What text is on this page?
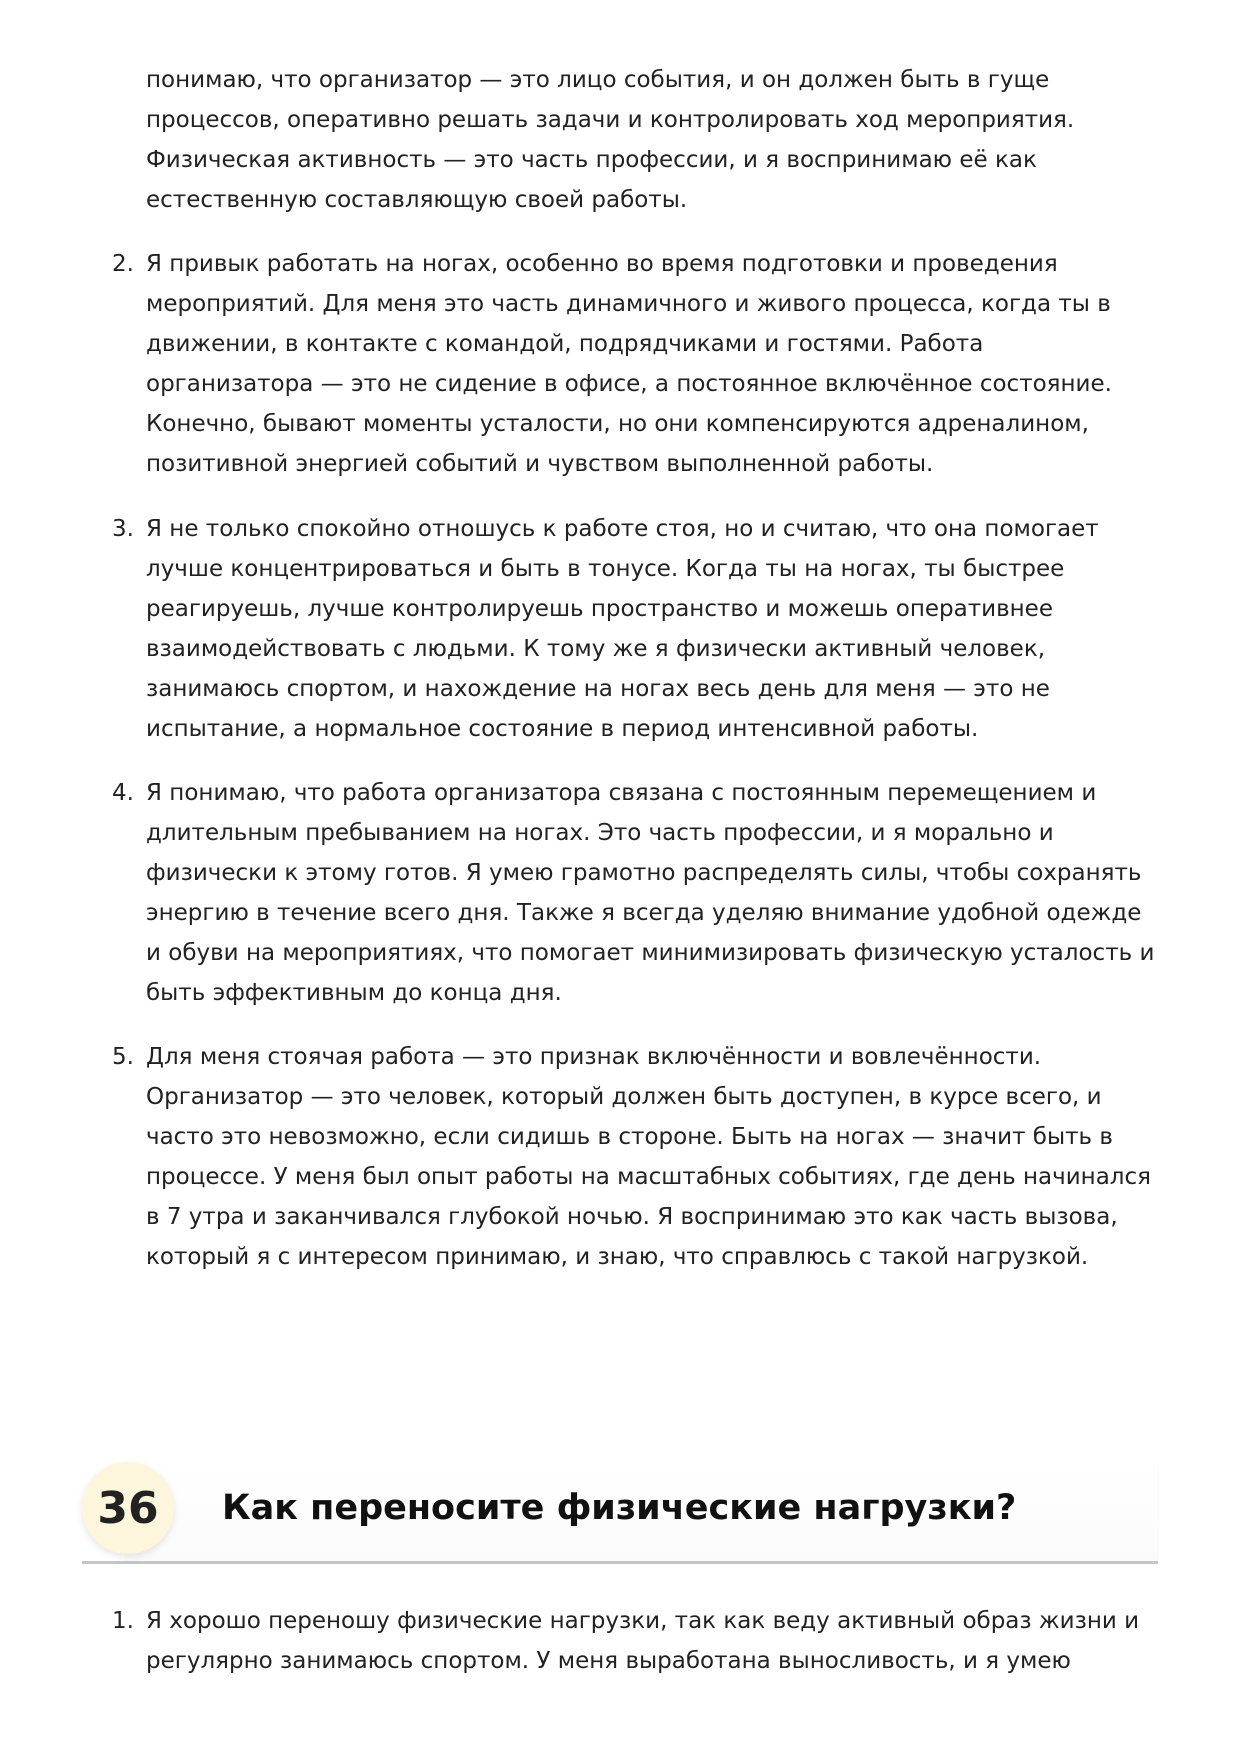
понимаю, что организатор — это лицо события, и он должен быть в гуще процессов, оперативно решать задачи и контролировать ход мероприятия. Физическая активность — это часть профессии, и я воспринимаю её как естественную составляющую своей работы.

2. Я привык работать на ногах, особенно во время подготовки и проведения мероприятий. Для меня это часть динамичного и живого процесса, когда ты в движении, в контакте с командой, подрядчиками и гостями. Работа организатора — это не сидение в офисе, а постоянное включённое состояние. Конечно, бывают моменты усталости, но они компенсируются адреналином, позитивной энергией событий и чувством выполненной работы.
3. Я не только спокойно отношусь к работе стоя, но и считаю, что она помогает лучше концентрироваться и быть в тонусе. Когда ты на ногах, ты быстрее реагируешь, лучше контролируешь пространство и можешь оперативнее взаимодействовать с людьми. К тому же я физически активный человек, занимаюсь спортом, и нахождение на ногах весь день для меня — это не испытание, а нормальное состояние в период интенсивной работы.
4. Я понимаю, что работа организатора связана с постоянным перемещением и длительным пребыванием на ногах. Это часть профессии, и я морально и физически к этому готов. Я умею грамотно распределять силы, чтобы сохранять энергию в течение всего дня. Также я всегда уделяю внимание удобной одежде и обуви на мероприятиях, что помогает минимизировать физическую усталость и быть эффективным до конца дня.
5. Для меня стоячая работа — это признак включённости и вовлечённости. Организатор — это человек, который должен быть доступен, в курсе всего, и часто это невозможно, если сидишь в стороне. Быть на ногах — значит быть в процессе. У меня был опыт работы на масштабных событиях, где день начинался в 7 утра и заканчивался глубокой ночью. Я воспринимаю это как часть вызова, который я с интересом принимаю, и знаю, что справлюсь с такой нагрузкой.
36	Как переносите физические нагрузки?
1. Я хорошо переношу физические нагрузки, так как веду активный образ жизни и регулярно занимаюсь спортом. У меня выработана выносливость, и я умею
